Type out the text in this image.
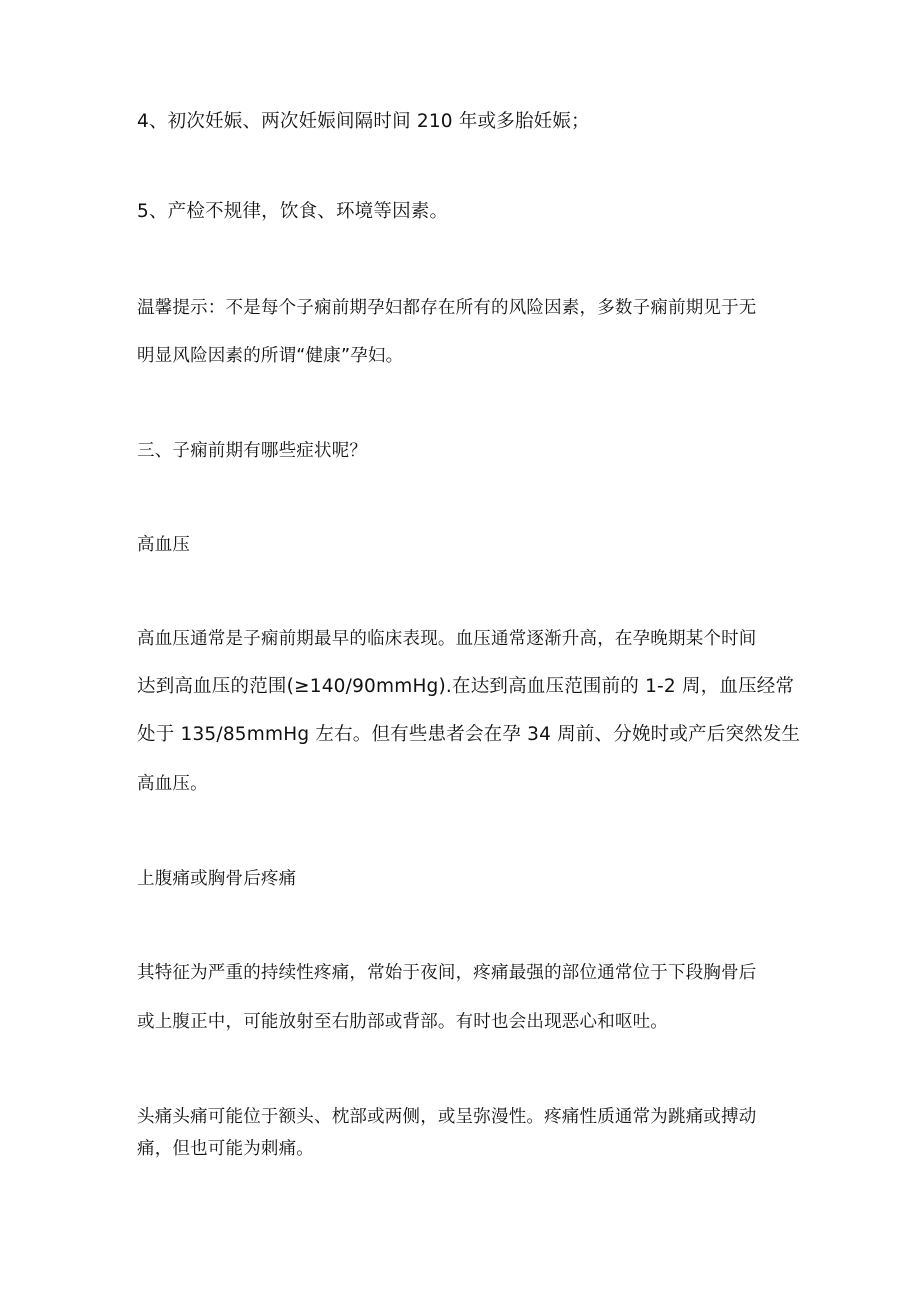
4、初次妊娠、两次妊娠间隔时间 210 年或多胎妊娠；
5、产检不规律，饮食、环境等因素。
温馨提示：不是每个子痫前期孕妇都存在所有的风险因素，多数子痫前期见于无
明显风险因素的所谓“健康”孕妇。
三、子痫前期有哪些症状呢？
高血压
高血压通常是子痫前期最早的临床表现。血压通常逐渐升高，在孕晚期某个时间
达到高血压的范围(≥140/90mmHg).在达到高血压范围前的 1-2 周，血压经常
处于 135/85mmHg 左右。但有些患者会在孕 34 周前、分娩时或产后突然发生
高血压。
上腹痛或胸骨后疼痛
其特征为严重的持续性疼痛，常始于夜间，疼痛最强的部位通常位于下段胸骨后
或上腹正中，可能放射至右肋部或背部。有时也会出现恶心和呕吐。
头痛头痛可能位于额头、枕部或两侧，或呈弥漫性。疼痛性质通常为跳痛或搏动
痛，但也可能为刺痛。
